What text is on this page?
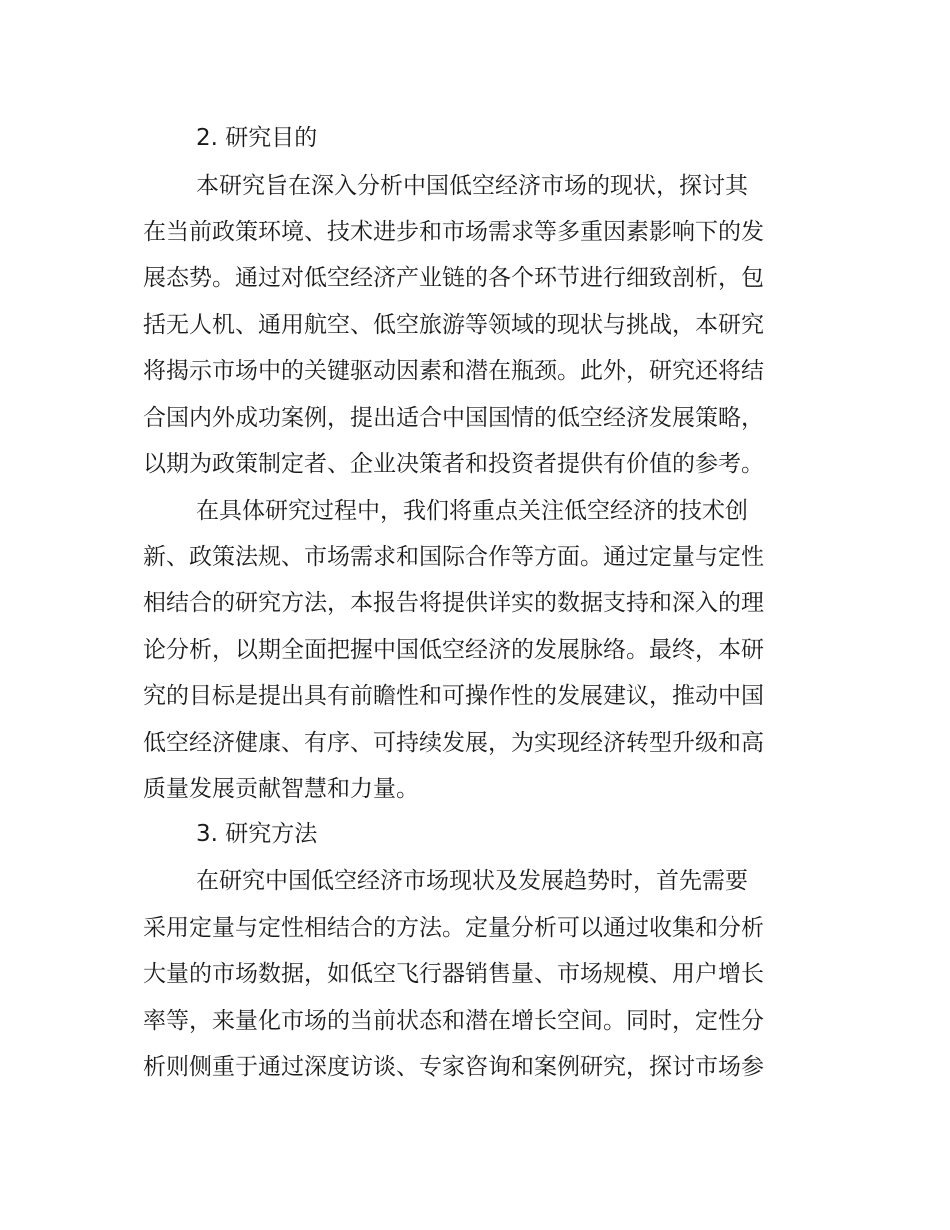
2. 研究目的
本研究旨在深入分析中国低空经济市场的现状，探讨其
在当前政策环境、技术进步和市场需求等多重因素影响下的发
展态势。通过对低空经济产业链的各个环节进行细致剖析，包
括无人机、通用航空、低空旅游等领域的现状与挑战，本研究
将揭示市场中的关键驱动因素和潜在瓶颈。此外，研究还将结
合国内外成功案例，提出适合中国国情的低空经济发展策略，
以期为政策制定者、企业决策者和投资者提供有价值的参考。
在具体研究过程中，我们将重点关注低空经济的技术创
新、政策法规、市场需求和国际合作等方面。通过定量与定性
相结合的研究方法，本报告将提供详实的数据支持和深入的理
论分析，以期全面把握中国低空经济的发展脉络。最终，本研
究的目标是提出具有前瞻性和可操作性的发展建议，推动中国
低空经济健康、有序、可持续发展，为实现经济转型升级和高
质量发展贡献智慧和力量。
3. 研究方法
在研究中国低空经济市场现状及发展趋势时，首先需要
采用定量与定性相结合的方法。定量分析可以通过收集和分析
大量的市场数据，如低空飞行器销售量、市场规模、用户增长
率等，来量化市场的当前状态和潜在增长空间。同时，定性分
析则侧重于通过深度访谈、专家咨询和案例研究，探讨市场参
